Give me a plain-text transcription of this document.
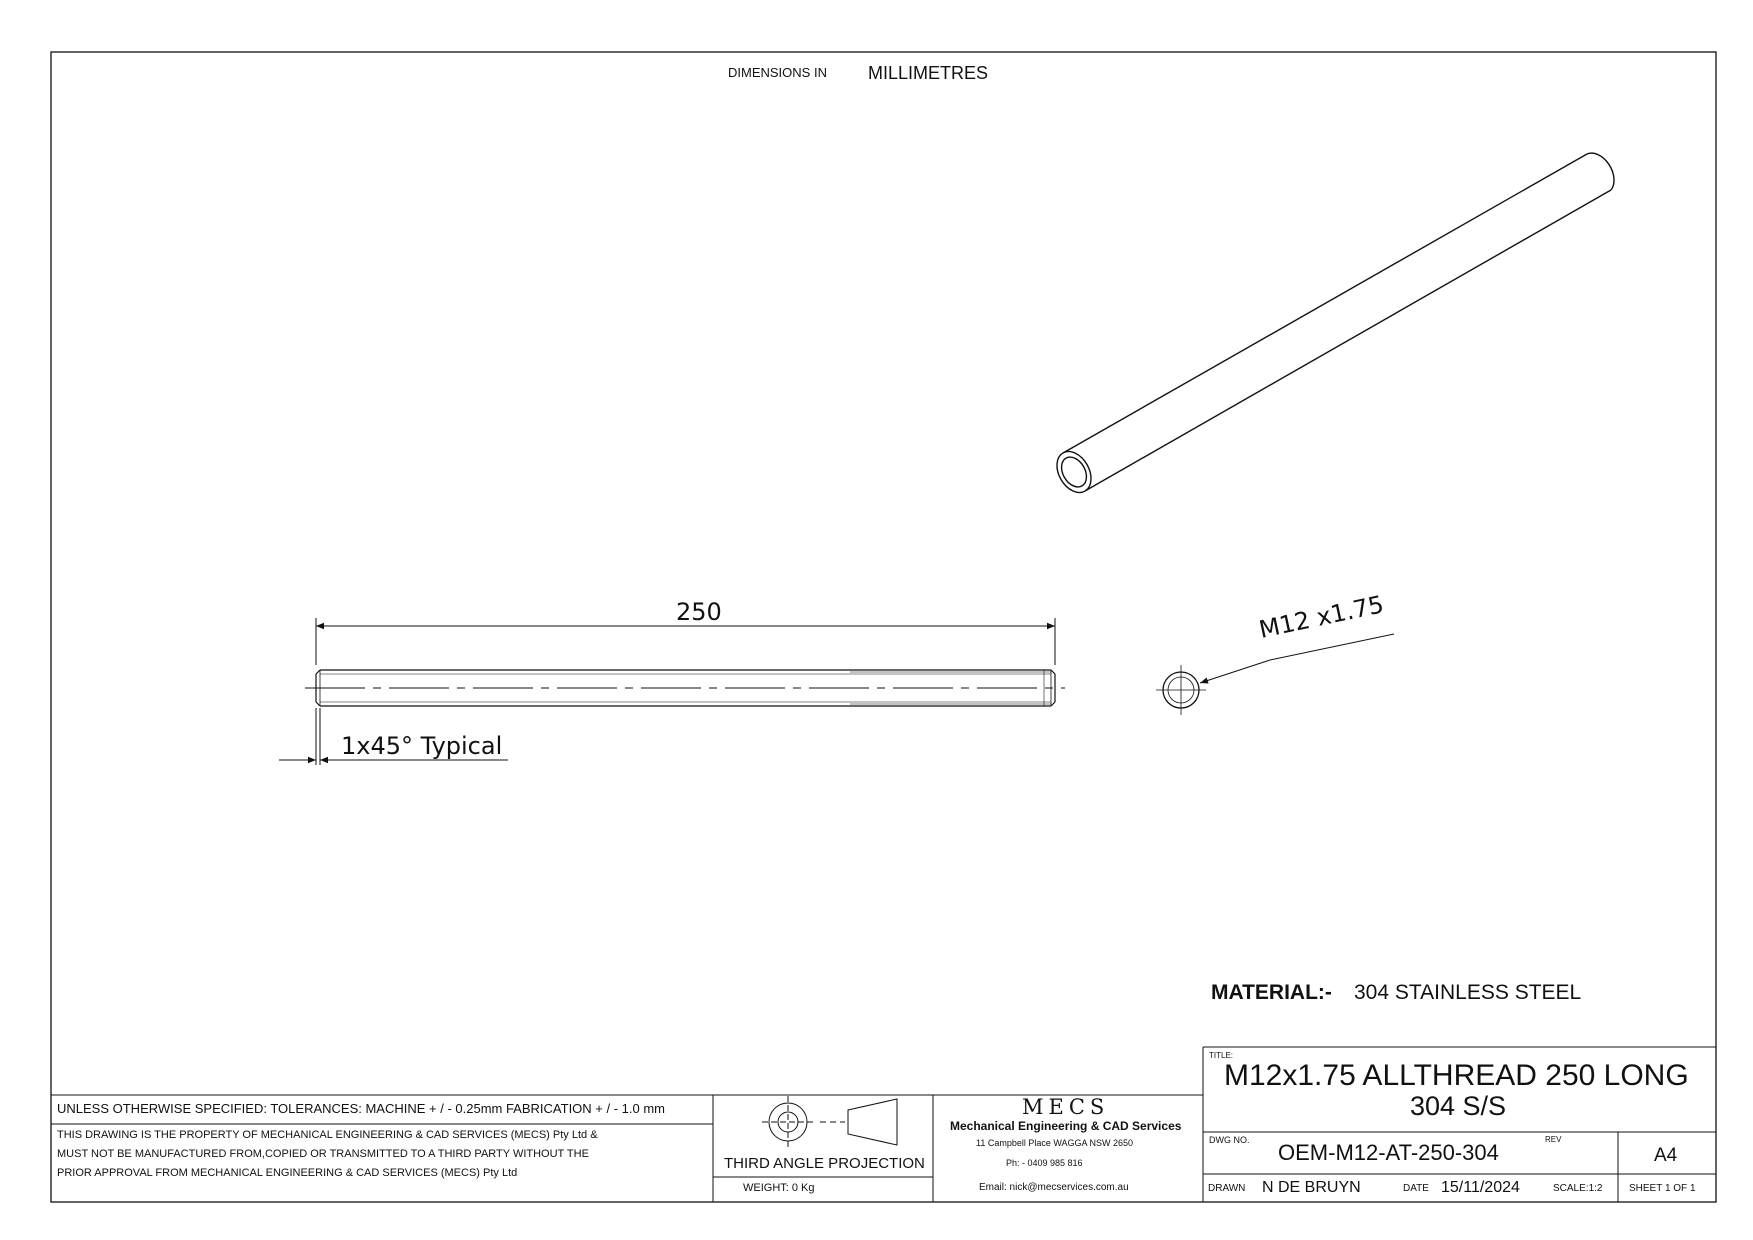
DIMENSIONS IN MILLIMETRES
250
1x45° Typical
M12 x1.75
MATERIAL:- 304 STAINLESS STEEL
UNLESS OTHERWISE SPECIFIED: TOLERANCES: MACHINE + / - 0.25mm FABRICATION + / - 1.0 mm
THIS DRAWING IS THE PROPERTY OF MECHANICAL ENGINEERING & CAD SERVICES (MECS) Pty Ltd &
MUST NOT BE MANUFACTURED FROM,COPIED OR TRANSMITTED TO A THIRD PARTY WITHOUT THE
PRIOR APPROVAL FROM MECHANICAL ENGINEERING & CAD SERVICES (MECS) Pty Ltd
THIRD ANGLE PROJECTION
WEIGHT: 0 Kg
MECS
Mechanical Engineering & CAD Services
11 Campbell Place WAGGA NSW 2650
Ph: - 0409 985 816
Email: nick@mecservices.com.au
TITLE:
M12x1.75 ALLTHREAD 250 LONG
304 S/S
DWG NO. OEM-M12-AT-250-304
REV
A4
DRAWN N DE BRUYN	DATE 15/11/2024	SCALE:1:2	SHEET 1 OF 1
